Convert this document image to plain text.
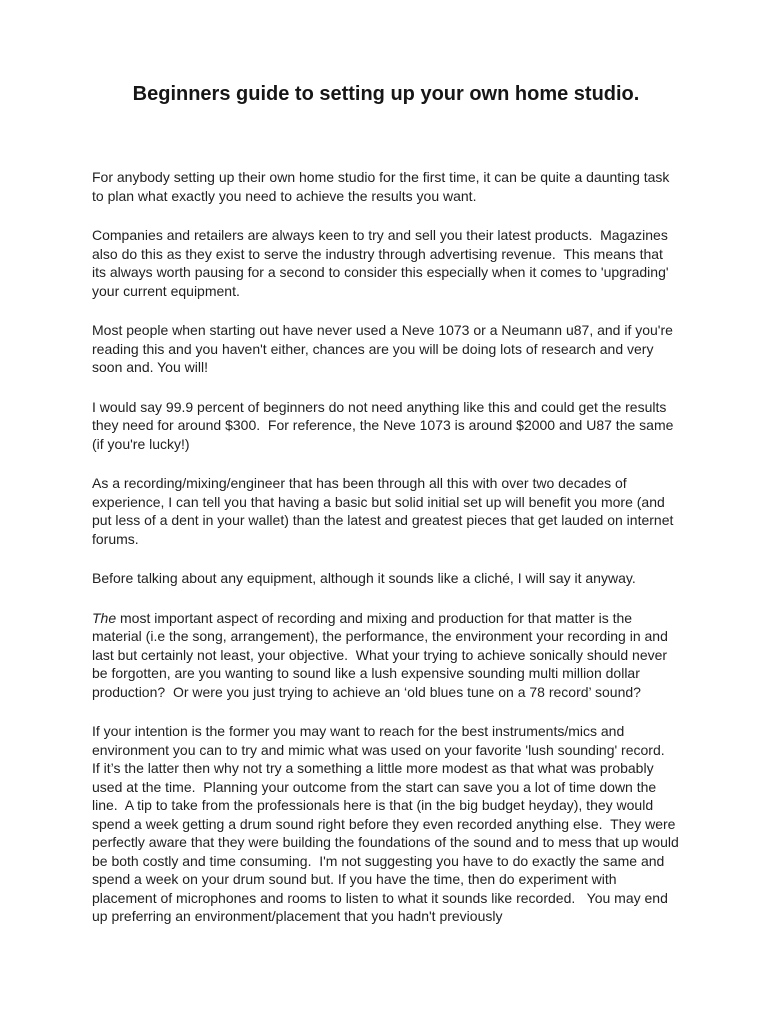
Beginners guide to setting up your own home studio.

For anybody setting up their own home studio for the first time, it can be quite a daunting task to plan what exactly you need to achieve the results you want.

Companies and retailers are always keen to try and sell you their latest products.  Magazines also do this as they exist to serve the industry through advertising revenue.  This means that its always worth pausing for a second to consider this especially when it comes to 'upgrading' your current equipment.

Most people when starting out have never used a Neve 1073 or a Neumann u87, and if you're reading this and you haven't either, chances are you will be doing lots of research and very soon and. You will!

I would say 99.9 percent of beginners do not need anything like this and could get the results they need for around $300.  For reference, the Neve 1073 is around $2000 and U87 the same (if you're lucky!)

As a recording/mixing/engineer that has been through all this with over two decades of experience, I can tell you that having a basic but solid initial set up will benefit you more (and put less of a dent in your wallet) than the latest and greatest pieces that get lauded on internet forums.

Before talking about any equipment, although it sounds like a cliché, I will say it anyway.

The most important aspect of recording and mixing and production for that matter is the material (i.e the song, arrangement), the performance, the environment your recording in and last but certainly not least, your objective.  What your trying to achieve sonically should never be forgotten, are you wanting to sound like a lush expensive sounding multi million dollar production?  Or were you just trying to achieve an ‘old blues tune on a 78 record’ sound?

If your intention is the former you may want to reach for the best instruments/mics and environment you can to try and mimic what was used on your favorite 'lush sounding' record.  If it’s the latter then why not try a something a little more modest as that what was probably used at the time.  Planning your outcome from the start can save you a lot of time down the line.  A tip to take from the professionals here is that (in the big budget heyday), they would spend a week getting a drum sound right before they even recorded anything else.  They were perfectly aware that they were building the foundations of the sound and to mess that up would be both costly and time consuming.  I'm not suggesting you have to do exactly the same and spend a week on your drum sound but. If you have the time, then do experiment with placement of microphones and rooms to listen to what it sounds like recorded.   You may end up preferring an environment/placement that you hadn't previously
